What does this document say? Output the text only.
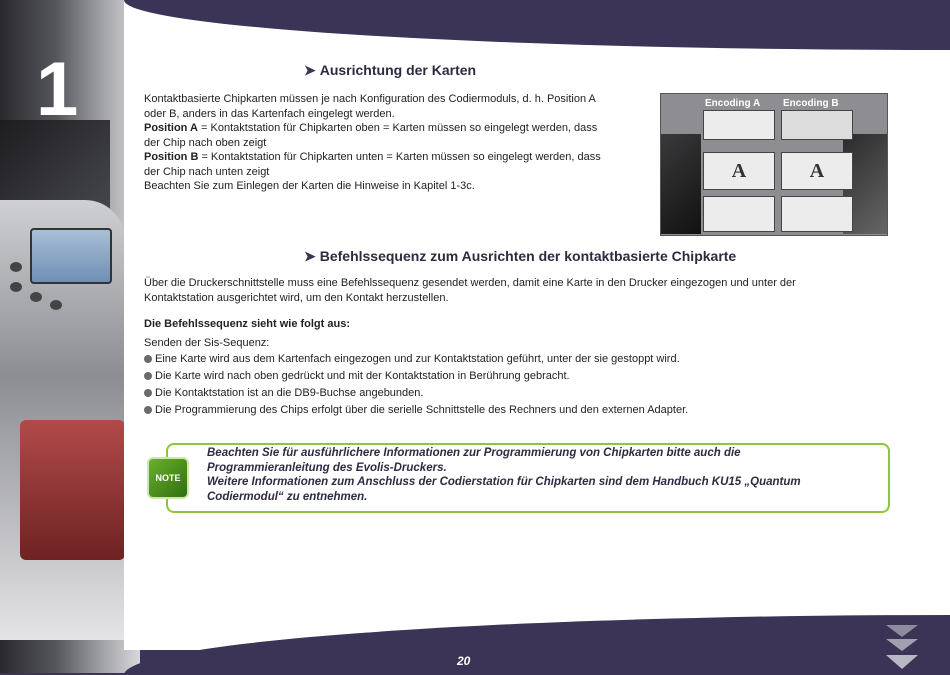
1	➤ Ausrichtung der Karten
Kontaktbasierte Chipkarten müssen je nach Konfiguration des Codiermoduls, d. h. Position A
oder B, anders in das Kartenfach eingelegt werden.
Position A = Kontaktstation für Chipkarten oben = Karten müssen so eingelegt werden, dass
der Chip nach oben zeigt
Position B = Kontaktstation für Chipkarten unten = Karten müssen so eingelegt werden, dass
der Chip nach unten zeigt
Beachten Sie zum Einlegen der Karten die Hinweise in Kapitel 1-3c.
Encoding A Encoding B
A	A
➤ Befehlssequenz zum Ausrichten der kontaktbasierte Chipkarte
Über die Druckerschnittstelle muss eine Befehlssequenz gesendet werden, damit eine Karte in den Drucker eingezogen und unter der
Kontaktstation ausgerichtet wird, um den Kontakt herzustellen.
Die Befehlssequenz sieht wie folgt aus:
Senden der Sis-Sequenz:
Eine Karte wird aus dem Kartenfach eingezogen und zur Kontaktstation geführt, unter der sie gestoppt wird.
Die Karte wird nach oben gedrückt und mit der Kontaktstation in Berührung gebracht.
Die Kontaktstation ist an die DB9-Buchse angebunden.
Die Programmierung des Chips erfolgt über die serielle Schnittstelle des Rechners und den externen Adapter.
NOTE
Beachten Sie für ausführlichere Informationen zur Programmierung von Chipkarten bitte auch die
Programmieranleitung des Evolis-Druckers.
Weitere Informationen zum Anschluss der Codierstation für Chipkarten sind dem Handbuch KU15 „Quantum
Codiermodul“ zu entnehmen.
20
